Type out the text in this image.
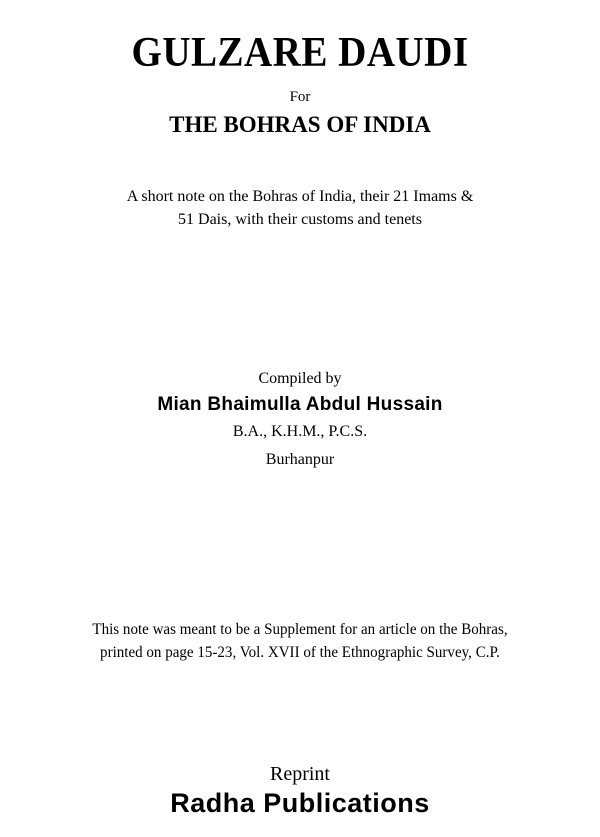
GULZARE DAUDI
For
THE BOHRAS OF INDIA
A short note on the Bohras of India, their 21 Imams &
51 Dais, with their customs and tenets
Compiled by
Mian Bhaimulla Abdul Hussain
B.A., K.H.M., P.C.S.
Burhanpur
This note was meant to be a Supplement for an article on the Bohras,
printed on page 15-23, Vol. XVII of the Ethnographic Survey, C.P.
Reprint
Radha Publications
